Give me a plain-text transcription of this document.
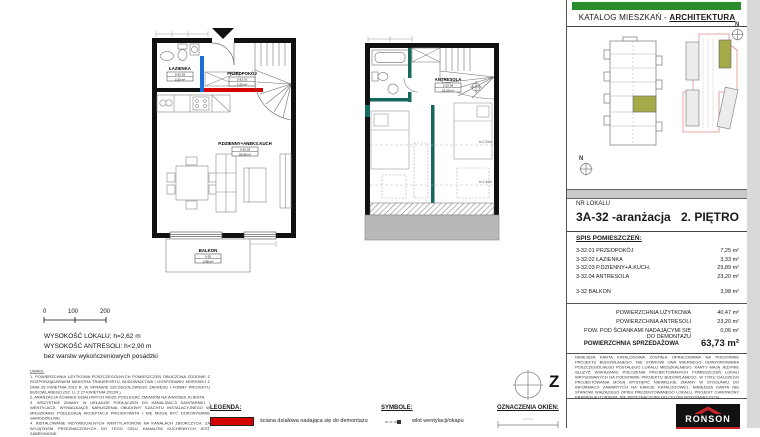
ŁAZIENKA
3-32.02
3,33 m²
PRZEDPOKÓJ
3-32.01
7,25 m²
P.DZIENNY+ANEKS.KUCH
3-32.03
29,89 m²
BALKON
3-32
3,98 m²
h=2,20m
h=1,40m
ANTRESOLA
3-32.04
23,20 m²
KATALOG MIESZKAŃ - ARCHITEKTURA
N
N
NR LOKALU
3A-32 -aranżacja 2. PIĘTRO
SPIS POMIESZCZEŃ:
3-32.01 PRZEDPOKÓJ	7,25 m²
3-32.02 ŁAZIENKA	3,33 m²
3-32.03 P.DZIENNY+A.KUCH.	29,89 m²
3-32.04 ANTRESOLA	23,20 m²
3-32 BALKON	3,98 m²
POWIERZCHNIA UŻYTKOWA	40,47 m²
POWIERZCHNIA ANTRESOLI	23,20 m²
POW. POD ŚCIANKAMI NADAJĄCYMI SIĘ DO DEMONTAŻU
0,06 m²
POWIERZCHNIA SPRZEDAŻOWA	63,73 m²
NINIEJSZA KARTA KATALOGOWA ZOSTAŁA OPRACOWANA NA PODSTAWIE PROJEKTU BUDOWLANEGO. NIE STANOWI ONA WIERNEGO ODWZOROWANIA POSZCZEGÓLNEGO POSTALEGO LOKALU MIESZKALNEGO. KARTY MAJĄ JEDYNIE SŁUŻYĆ WSKAZANIU POŁOŻENIA PROJEKTOWANYCH POMIESZCZEŃ LOKALI WRYSOWANYCH NA PODSTAWIE PROJEKTU BUDOWLANEGO. W TOKU DALSZEGO PROJEKTOWANIA MOGĄ WYSTĄPIĆ NIEWIELKIE ZMIANY W STOSUNKU DO INFORMACJI ZAWARTYCH NA KARCIE KATALOGOWEJ. NINIEJSZA KARTA NIE STANOWI WIĄŻĄCEGO OPISU PREZENTOWANEGO LOKALU. PROJEKT CHRONIONY PRAWEM AUTORSKIM. NIE PRZEZNACZONY DO CELÓW WYKONAWCZYCH.
RONSON
0	100	200
WYSOKOŚĆ LOKALU: h=2,62 m
WYSOKOŚĆ ANTRESOLI: h<2,90 m
bez warstw wykończeniowych posadzki

UWAGI:
1. POWIERZCHNIA UŻYTKOWA POSZCZEGÓLNYCH POMIESZCZEŃ OBLICZONA ZGODNIE Z ROZPORZĄDZENIEM MINISTRA TRANSPORTU, BUDOWNICTWA I GOSPODARKI MORSKIEJ Z DNIA 25 KWIETNIA 2012 R. W SPRAWIE SZCZEGÓŁOWEGO ZAKRESU I FORMY PROJEKTU BUDOWLANEGO (DZ. U. Z 27 KWIETNIA 2012R.)
2. ARANŻACJA ŚCIANEK DZIAŁOWYCH MOŻE PODLEGAĆ ZMIANOM NA WNIOSEK KLIENTA.
3. WSZYSTKIE ZMIANY W UKŁADZIE PODŁĄCZEŃ DO KANALIZACJI SANITARNEJ I WENTYLACJI, WYMAGAJĄCE NARUSZENIA OBUDOWY SZACHTU INSTALACYJNEGO W MIESZKANIU PODLEGAJĄ AKCEPTACJI PROJEKTANTA I NIE MOGĄ BYĆ DOKONYWANE SAMODZIELNIE.
4. INSTALOWANIE INDYWIDUALNYCH WENTYLATORÓW NA KANAŁACH ZBIORCZYCH, ZA WYJĄTKIEM PRZEZNACZONYCH DO TEGO CELU KANAŁÓW KUCHENNYCH JEST ZABRONIONE.

LEGENDA:
ściana działowa nadająca się do demontażu
SYMBOLE:
wlot wentylacji/okapu
OZNACZENIA OKIEN:
Z
